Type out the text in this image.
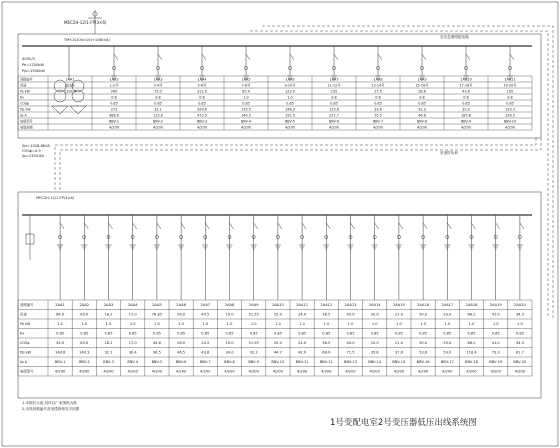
1AA1
进线柜
2328.6
1AA2
1-2号
260
0.8
0.85
273
488.8
BBV-1
4/200
1AA3
3-4号
75.0
0.8
0.85
32.1
115.8
BBV-2
4/200
1AA4
5-6号
312.0
0.8
0.85
320.6
473.5
BBV-3
4/200
1AA5
7-8号
85.4
1.0
0.85
135.5
140.5
BBV-4
4/200
1AA6
9-10号
123.0
1.0
0.85
196.3
192.5
BBV-5
4/200
1AA7
11-12号
135
0.8
0.85
125.6
227.7
BBV-6
4/200
1AA8
13-14号
27.5
0.8
0.85
33.6
70.5
BBV-7
4/200
1AA9
15-16号
28.6
0.8
0.85
92.3
46.8
BBV-8
4/200
1AA10
17-18号
43.8
0.8
0.85
32.0
185.8
BBV-9
4/200
1AA11
19-20号
150
0.8
0.85
120.3
126.5
BBV-10
4/200
回路编号
用途
Pe kW
Kx
COSφ
Pjs kW
Ijs A
电缆型号
电缆规格
2AA1
64.0
1.0
0.85
54.0
148.8
BBV-1
4/200
2AA2
63.0
1.0
0.85
63.0
140.3
BBV-2
4/200
2AA3
18.2
1.0
0.85
18.2
32.1
BBV-3
4/200
2AA4
17.0
1.0
0.85
17.0
30.4
BBV-4
4/200
2AA5
78.85
1.0
0.85
44.6
96.5
BBV-5
4/200
2AA6
26.0
1.0
0.85
26.0
46.5
BBV-6
4/200
2AA7
44.5
1.0
0.85
24.5
43.8
BBV-7
4/200
2AA8
19.0
1.0
0.85
19.0
34.0
BBV-8
4/200
2AA9
51.55
1.0
0.85
51.55
92.2
BBV-9
4/200
2AA10
25.0
1.0
0.85
25.0
44.7
BBV-10
4/200
2AA11
24.0
1.0
0.85
24.0
42.9
BBV-11
4/200
2AA12
38.5
1.0
0.85
38.5
68.9
BBV-12
4/200
2AA13
40.0
1.0
0.85
40.0
71.5
BBV-13
4/200
2AA14
20.0
1.0
0.85
20.0
35.8
BBV-14
4/200
2AA15
21.0
1.0
0.85
21.0
37.6
BBV-15
4/200
2AA16
30.0
1.0
0.85
30.0
53.6
BBV-16
4/200
2AA17
33.0
1.0
0.85
33.0
59.0
BBV-17
4/200
2AA18
66.2
1.0
0.85
66.2
118.4
BBV-18
4/200
2AA19
41.0
1.0
0.85
41.0
73.3
BBV-19
4/200
2AA20
34.5
1.0
0.85
34.5
61.7
BBV-20
4/200
回路编号
用途
Pe kW
Kx
COSφ
Pjs kW
Ijs A
电缆型号
MEC2H-12/1-FP(3×6)
TMY-3(100×10)+1(80×8)
400V/3
Pe=1250kW
Pjs=1500kW
Sjs=1528.8KVA
COSφ=0.9
Ijs=2320.6A
MEC2H-12/1-FP(3×6)
1.本图仅示意,具体以厂家图纸为准
2.出线回路编号及电缆规格见平面图
至应急照明配电箱
至消防负荷
1号变配电室2号变压器低压出线系统图
